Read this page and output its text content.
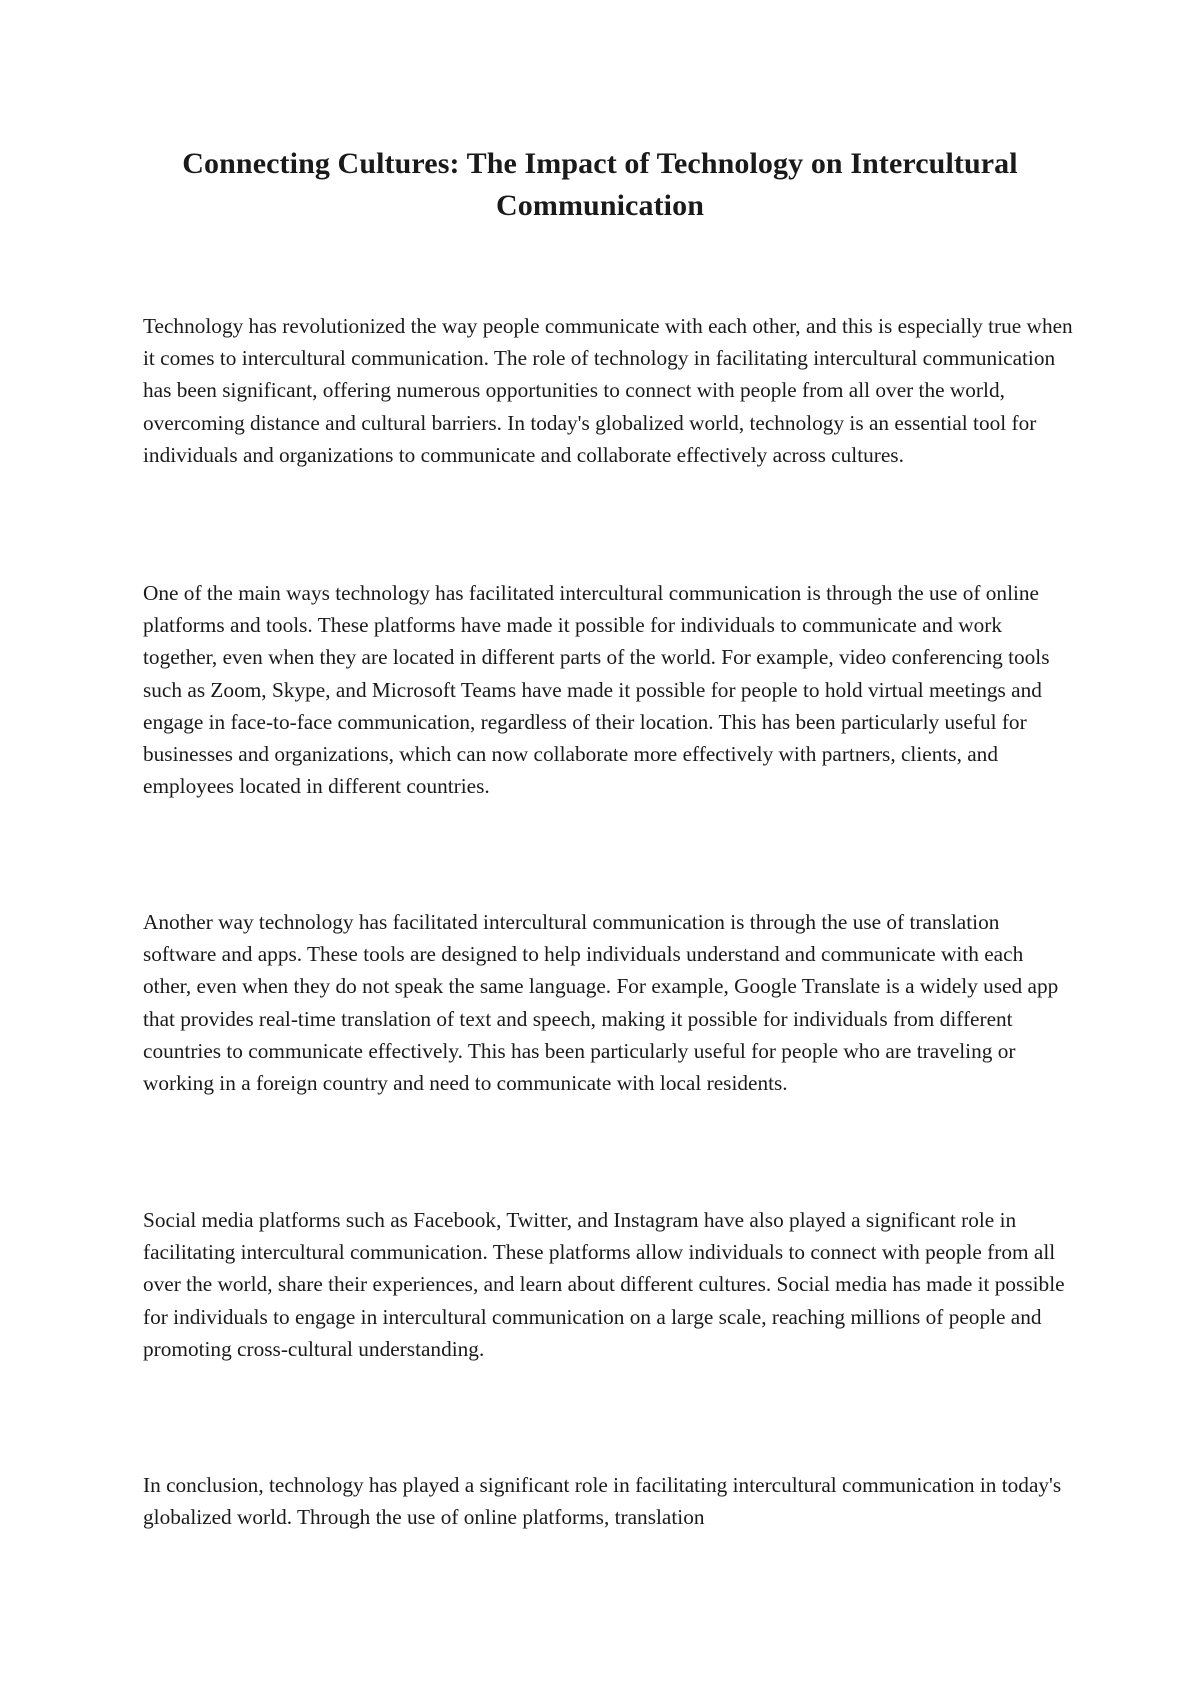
Connecting Cultures: The Impact of Technology on Intercultural Communication

Technology has revolutionized the way people communicate with each other, and this is especially true when it comes to intercultural communication. The role of technology in facilitating intercultural communication has been significant, offering numerous opportunities to connect with people from all over the world, overcoming distance and cultural barriers. In today's globalized world, technology is an essential tool for individuals and organizations to communicate and collaborate effectively across cultures.

One of the main ways technology has facilitated intercultural communication is through the use of online platforms and tools. These platforms have made it possible for individuals to communicate and work together, even when they are located in different parts of the world. For example, video conferencing tools such as Zoom, Skype, and Microsoft Teams have made it possible for people to hold virtual meetings and engage in face-to-face communication, regardless of their location. This has been particularly useful for businesses and organizations, which can now collaborate more effectively with partners, clients, and employees located in different countries.

Another way technology has facilitated intercultural communication is through the use of translation software and apps. These tools are designed to help individuals understand and communicate with each other, even when they do not speak the same language. For example, Google Translate is a widely used app that provides real-time translation of text and speech, making it possible for individuals from different countries to communicate effectively. This has been particularly useful for people who are traveling or working in a foreign country and need to communicate with local residents.

Social media platforms such as Facebook, Twitter, and Instagram have also played a significant role in facilitating intercultural communication. These platforms allow individuals to connect with people from all over the world, share their experiences, and learn about different cultures. Social media has made it possible for individuals to engage in intercultural communication on a large scale, reaching millions of people and promoting cross-cultural understanding.

In conclusion, technology has played a significant role in facilitating intercultural communication in today's globalized world. Through the use of online platforms, translation
